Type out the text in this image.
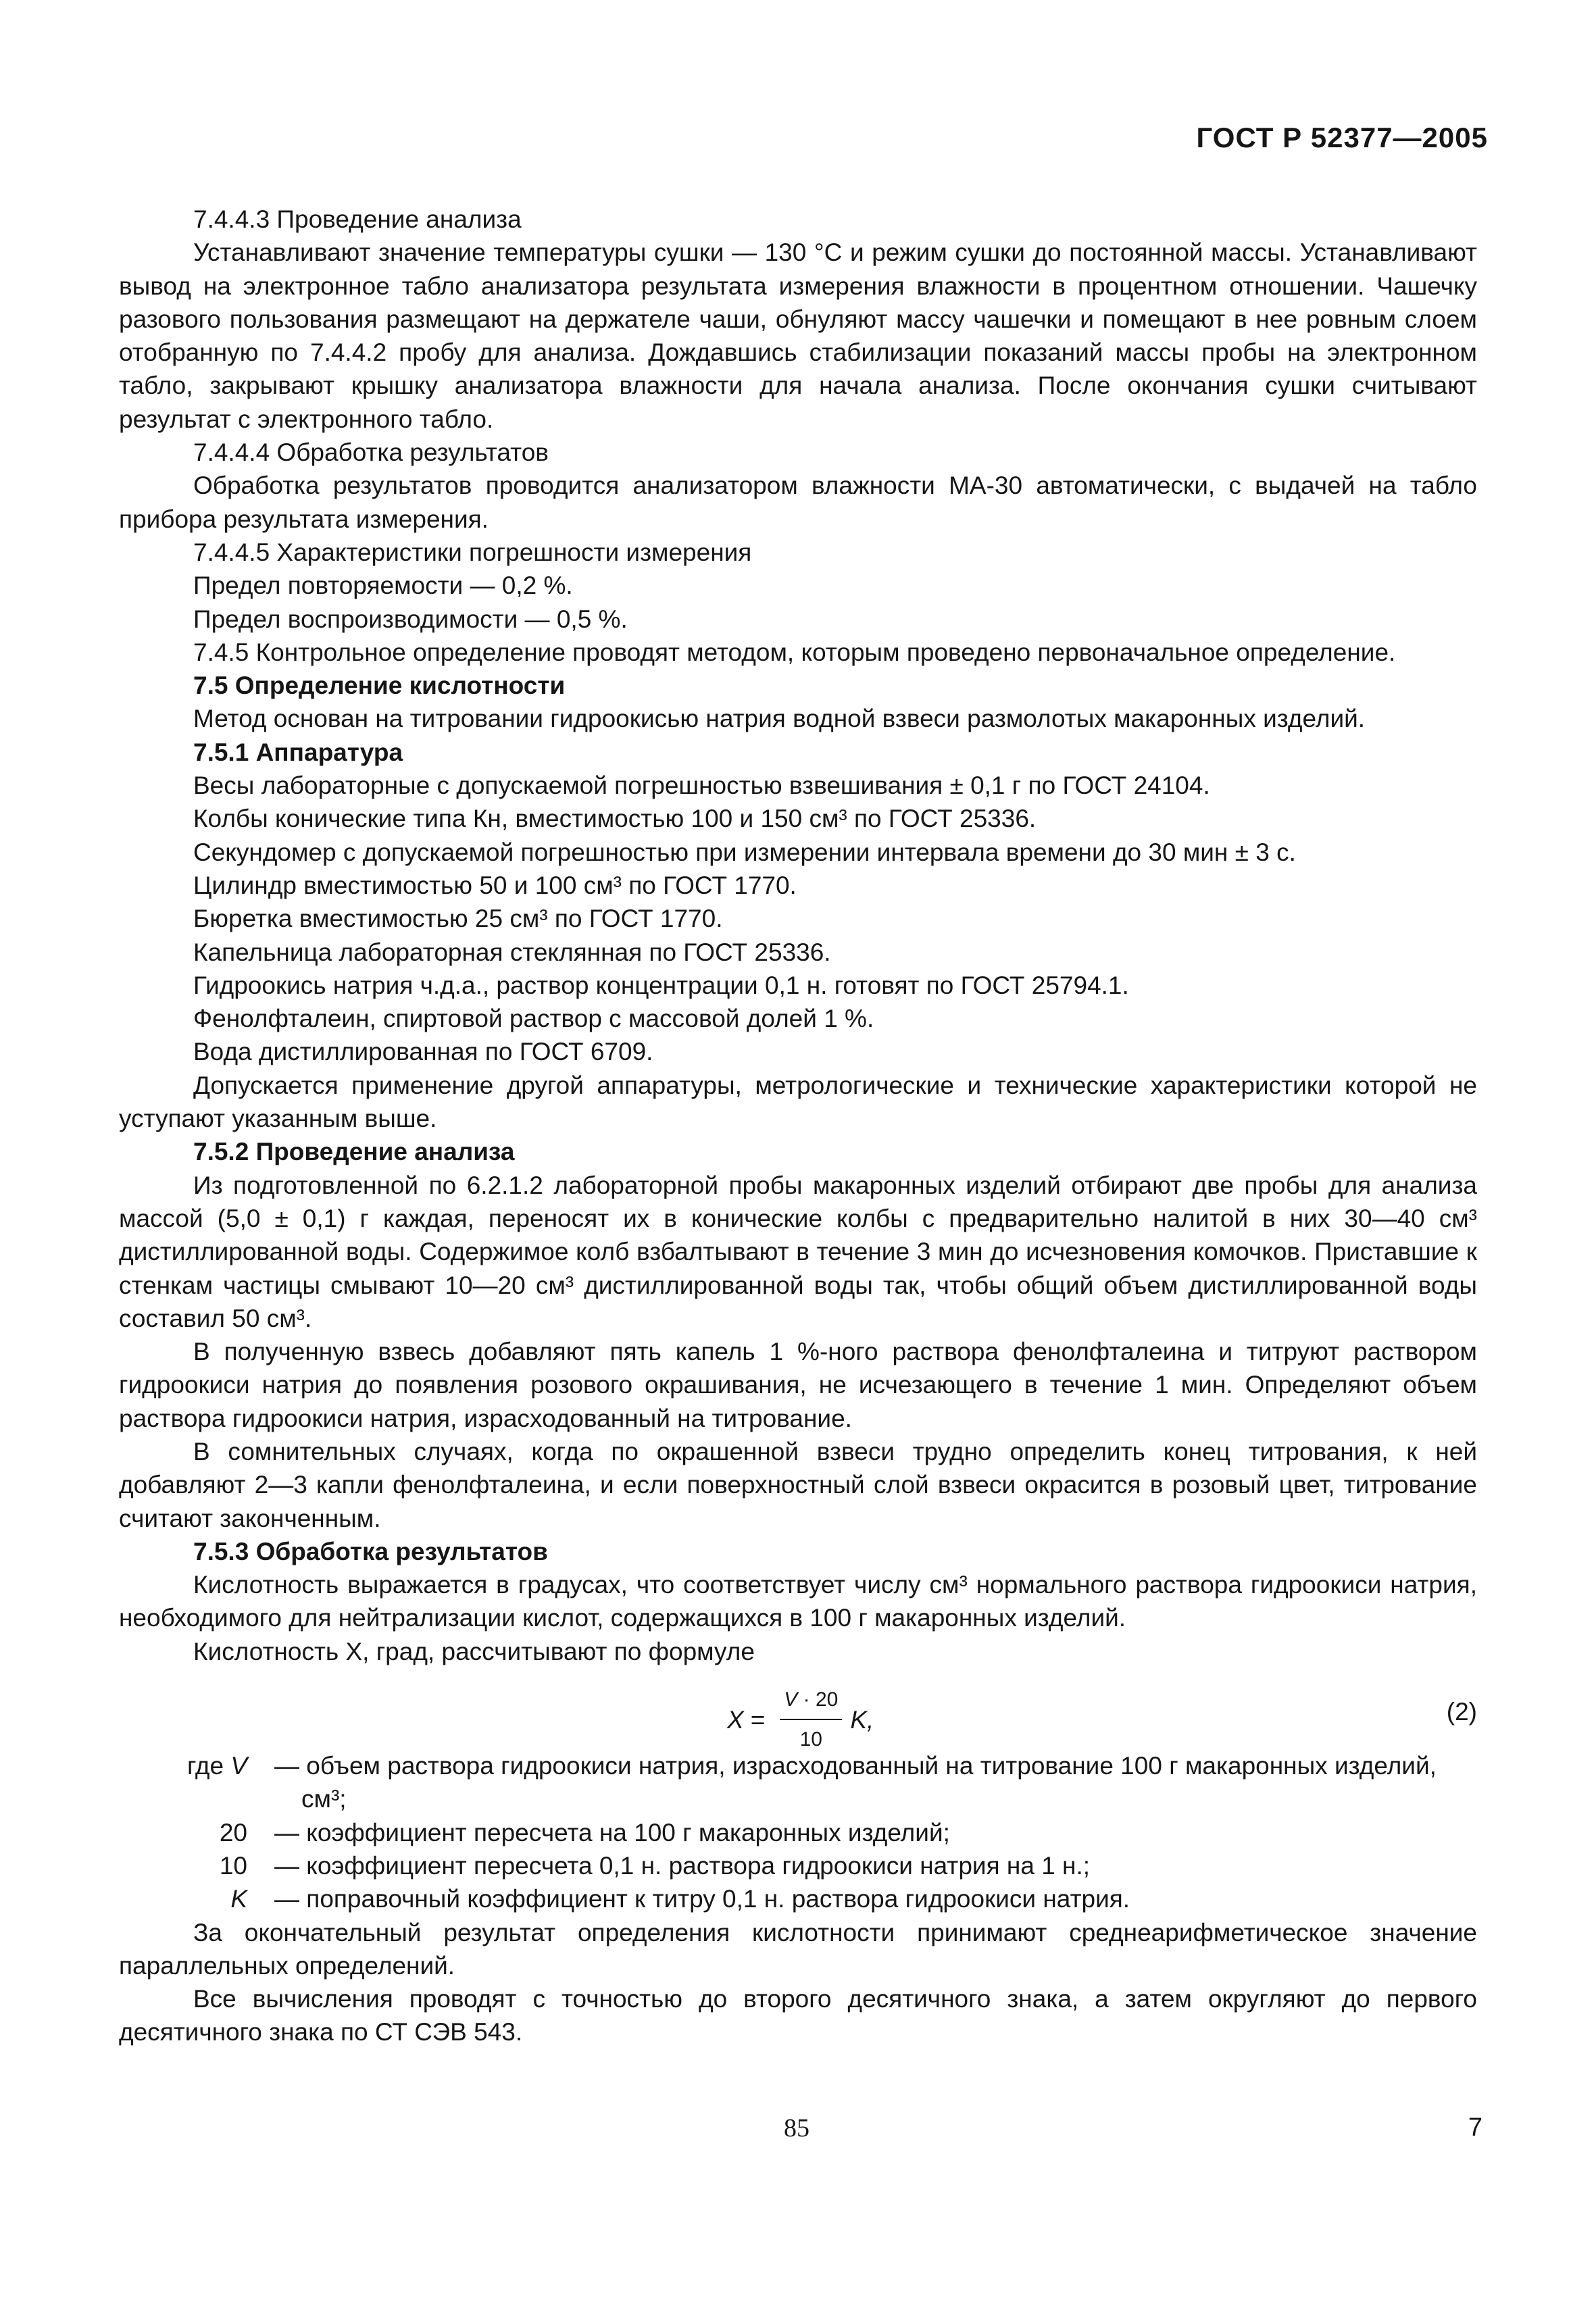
ГОСТ Р 52377—2005

7.4.4.3 Проведение анализа

Устанавливают значение температуры сушки — 130 °С и режим сушки до постоянной массы. Устанавливают вывод на электронное табло анализатора результата измерения влажности в процентном отношении. Чашечку разового пользования размещают на держателе чаши, обнуляют массу чашечки и помещают в нее ровным слоем отобранную по 7.4.4.2 пробу для анализа. Дождавшись стабилизации показаний массы пробы на электронном табло, закрывают крышку анализатора влажности для начала анализа. После окончания сушки считывают результат с электронного табло.

7.4.4.4 Обработка результатов

Обработка результатов проводится анализатором влажности МА-30 автоматически, с выдачей на табло прибора результата измерения.

7.4.4.5 Характеристики погрешности измерения

Предел повторяемости — 0,2 %.

Предел воспроизводимости — 0,5 %.

7.4.5 Контрольное определение проводят методом, которым проведено первоначальное определение.

7.5 Определение кислотности

Метод основан на титровании гидроокисью натрия водной взвеси размолотых макаронных изделий.

7.5.1 Аппаратура

Весы лабораторные с допускаемой погрешностью взвешивания ± 0,1 г по ГОСТ 24104.

Колбы конические типа Кн, вместимостью 100 и 150 см³ по ГОСТ 25336.

Секундомер с допускаемой погрешностью при измерении интервала времени до 30 мин ± 3 с.

Цилиндр вместимостью 50 и 100 см³ по ГОСТ 1770.

Бюретка вместимостью 25 см³ по ГОСТ 1770.

Капельница лабораторная стеклянная по ГОСТ 25336.

Гидроокись натрия ч.д.а., раствор концентрации 0,1 н. готовят по ГОСТ 25794.1.

Фенолфталеин, спиртовой раствор с массовой долей 1 %.

Вода дистиллированная по ГОСТ 6709.

Допускается применение другой аппаратуры, метрологические и технические характеристики которой не уступают указанным выше.

7.5.2 Проведение анализа

Из подготовленной по 6.2.1.2 лабораторной пробы макаронных изделий отбирают две пробы для анализа массой (5,0 ± 0,1) г каждая, переносят их в конические колбы с предварительно налитой в них 30—40 см³ дистиллированной воды. Содержимое колб взбалтывают в течение 3 мин до исчезновения комочков. Приставшие к стенкам частицы смывают 10—20 см³ дистиллированной воды так, чтобы общий объем дистиллированной воды составил 50 см³.

В полученную взвесь добавляют пять капель 1 %-ного раствора фенолфталеина и титруют раствором гидроокиси натрия до появления розового окрашивания, не исчезающего в течение 1 мин. Определяют объем раствора гидроокиси натрия, израсходованный на титрование.

В сомнительных случаях, когда по окрашенной взвеси трудно определить конец титрования, к ней добавляют 2—3 капли фенолфталеина, и если поверхностный слой взвеси окрасится в розовый цвет, титрование считают законченным.

7.5.3 Обработка результатов

Кислотность выражается в градусах, что соответствует числу см³ нормального раствора гидроокиси натрия, необходимого для нейтрализации кислот, содержащихся в 100 г макаронных изделий.

Кислотность X, град, рассчитывают по формуле

$X = \frac{V \cdot 20}{10} K$,	(2)
где V — объем раствора гидроокиси натрия, израсходованный на титрование 100 г макаронных изделий,
см³;
20 — коэффициент пересчета на 100 г макаронных изделий;
10 — коэффициент пересчета 0,1 н. раствора гидроокиси натрия на 1 н.;
K — поправочный коэффициент к титру 0,1 н. раствора гидроокиси натрия.

За окончательный результат определения кислотности принимают среднеарифметическое значение параллельных определений.

Все вычисления проводят с точностью до второго десятичного знака, а затем округляют до первого десятичного знака по СТ СЭВ 543.

85	7
